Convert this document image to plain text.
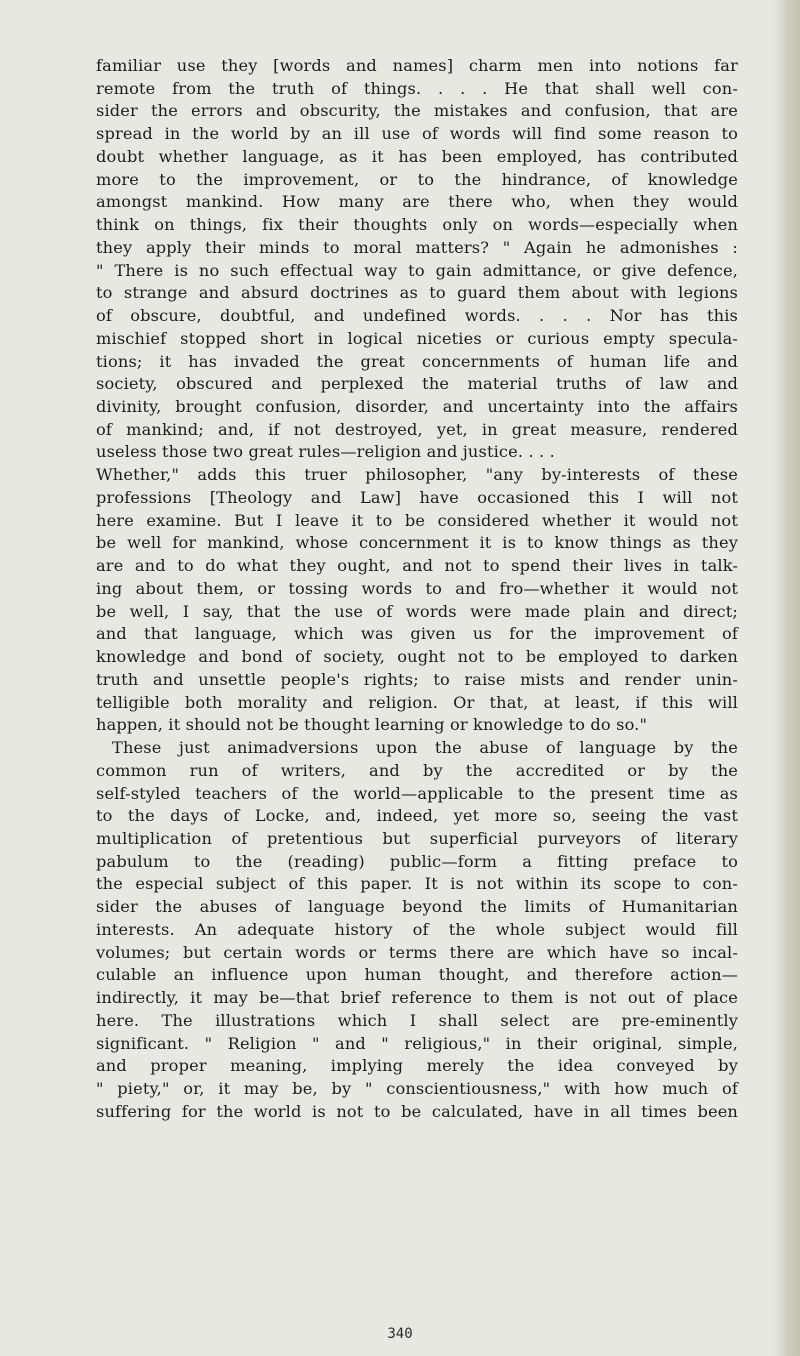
familiar use they [words and names] charm men into notions far
remote from the truth of things. . . . He that shall well con-
sider the errors and obscurity, the mistakes and confusion, that are
spread in the world by an ill use of words will find some reason to
doubt whether language, as it has been employed, has contributed
more to the improvement, or to the hindrance, of knowledge
amongst mankind. How many are there who, when they would
think on things, fix their thoughts only on words—especially when
they apply their minds to moral matters? " Again he admonishes :
" There is no such effectual way to gain admittance, or give defence,
to strange and absurd doctrines as to guard them about with legions
of obscure, doubtful, and undefined words. . . . Nor has this
mischief stopped short in logical niceties or curious empty specula-
tions; it has invaded the great concernments of human life and
society, obscured and perplexed the material truths of law and
divinity, brought confusion, disorder, and uncertainty into the affairs
of mankind; and, if not destroyed, yet, in great measure, rendered
useless those two great rules—religion and justice. . . .
Whether," adds this truer philosopher, "any by-interests of these
professions [Theology and Law] have occasioned this I will not
here examine. But I leave it to be considered whether it would not
be well for mankind, whose concernment it is to know things as they
are and to do what they ought, and not to spend their lives in talk-
ing about them, or tossing words to and fro—whether it would not
be well, I say, that the use of words were made plain and direct;
and that language, which was given us for the improvement of
knowledge and bond of society, ought not to be employed to darken
truth and unsettle people's rights; to raise mists and render unin-
telligible both morality and religion. Or that, at least, if this will
happen, it should not be thought learning or knowledge to do so."
These just animadversions upon the abuse of language by the
common run of writers, and by the accredited or by the
self-styled teachers of the world—applicable to the present time as
to the days of Locke, and, indeed, yet more so, seeing the vast
multiplication of pretentious but superficial purveyors of literary
pabulum to the (reading) public—form a fitting preface to
the especial subject of this paper. It is not within its scope to con-
sider the abuses of language beyond the limits of Humanitarian
interests. An adequate history of the whole subject would fill
volumes; but certain words or terms there are which have so incal-
culable an influence upon human thought, and therefore action—
indirectly, it may be—that brief reference to them is not out of place
here. The illustrations which I shall select are pre-eminently
significant. " Religion " and " religious," in their original, simple,
and proper meaning, implying merely the idea conveyed by
" piety," or, it may be, by " conscientiousness," with how much of
suffering for the world is not to be calculated, have in all times been
340
